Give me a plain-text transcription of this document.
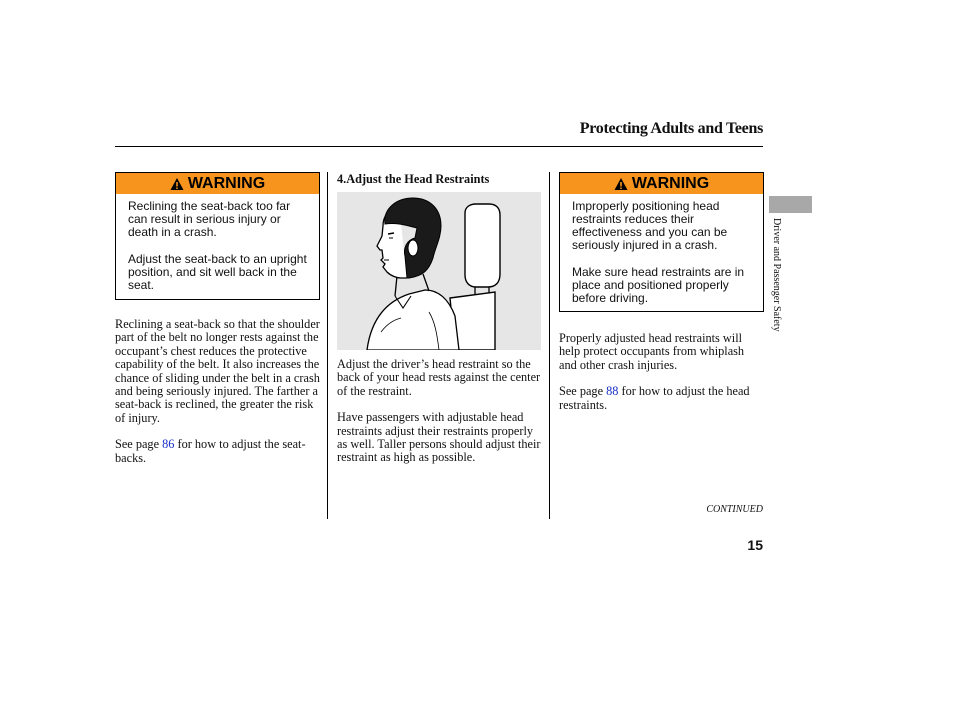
Protecting Adults and Teens
WARNING

Reclining the seat-back too far can result in serious injury or death in a crash.

Adjust the seat-back to an upright position, and sit well back in the seat.

Reclining a seat-back so that the shoulder part of the belt no longer rests against the occupant’s chest reduces the protective capability of the belt. It also increases the chance of sliding under the belt in a crash and being seriously injured. The farther a seat-back is reclined, the greater the risk of injury.

See page 86 for how to adjust the seat-backs.

4.Adjust the Head Restraints

Adjust the driver’s head restraint so the back of your head rests against the center of the restraint.

Have passengers with adjustable head restraints adjust their restraints properly as well. Taller persons should adjust their restraint as high as possible.

WARNING

Improperly positioning head restraints reduces their effectiveness and you can be seriously injured in a crash.

Make sure head restraints are in place and positioned properly before driving.

Properly adjusted head restraints will help protect occupants from whiplash and other crash injuries.

See page 88 for how to adjust the head restraints.

Driver and Passenger Safety
CONTINUED
15
